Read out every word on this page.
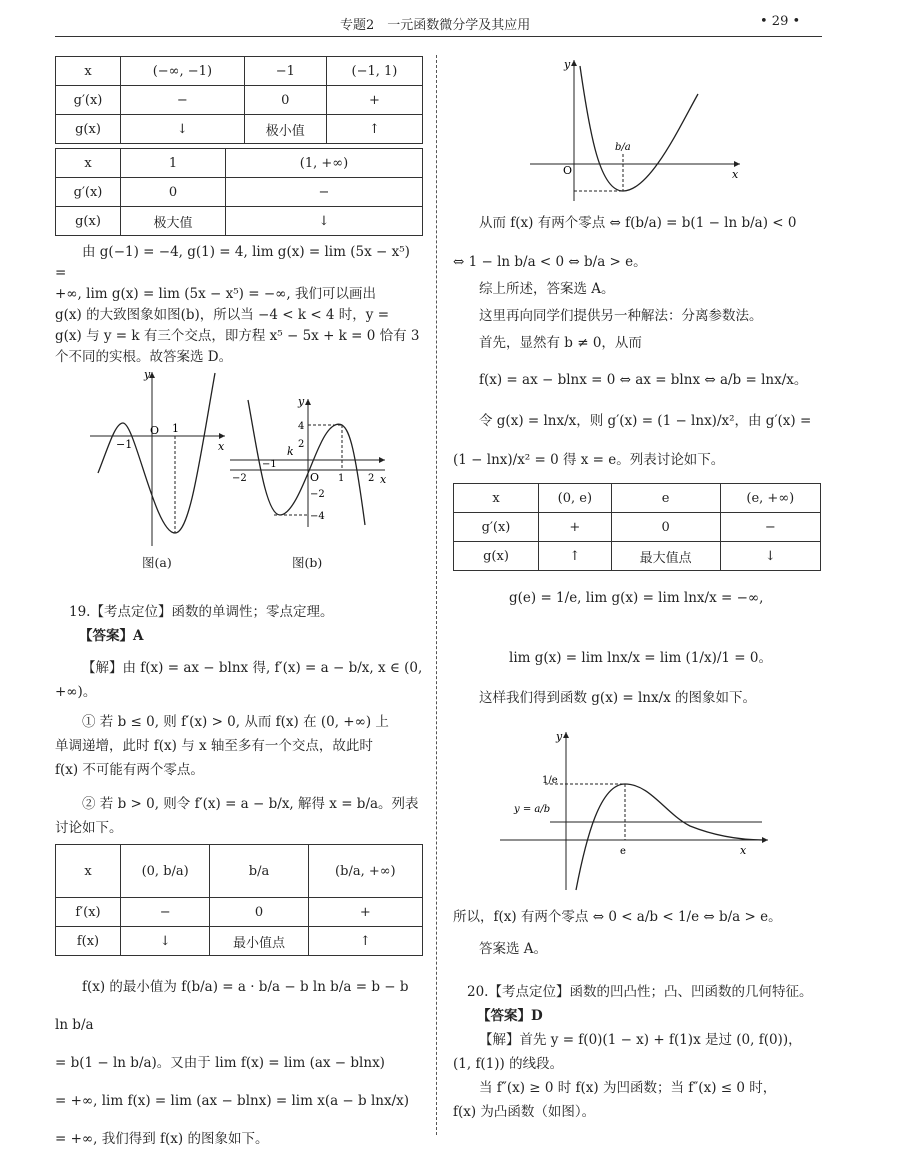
专题2　一元函数微分学及其应用	• 29 •
x	(−∞, −1)	−1	(−1, 1)
g′(x)	−	0	+
g(x)	↓	极小值	↑
x	1	(1, +∞)
g′(x)	0	−
g(x)	极大值	↓
由 g(−1) = −4, g(1) = 4, lim g(x) = lim (5x − x⁵) =
+∞, lim g(x) = lim (5x − x⁵) = −∞, 我们可以画出
g(x) 的大致图象如图(b)，所以当 −4 < k < 4 时，y =
g(x) 与 y = k 有三个交点，即方程 x⁵ − 5x + k = 0 恰有 3
个不同的实根。故答案选 D。
y
x
O 1
−1
图(a)
y
x
O
k
4
2
−2
−4
−2
−1
1 2
图(b)
19.【考点定位】函数的单调性；零点定理。
【答案】A
【解】由 f(x) = ax − blnx 得, f′(x) = a − b/x, x ∈ (0,
+∞)。
① 若 b ≤ 0, 则 f′(x) > 0, 从而 f(x) 在 (0, +∞) 上
单调递增，此时 f(x) 与 x 轴至多有一个交点，故此时
f(x) 不可能有两个零点。
② 若 b > 0, 则令 f′(x) = a − b/x, 解得 x = b/a。列表
讨论如下。
x	(0, b/a)	b/a	(b/a, +∞)
f′(x)	−	0	+
f(x)	↓	最小值点	↑
f(x) 的最小值为 f(b/a) = a · b/a − b ln b/a = b − b ln b/a
= b(1 − ln b/a)。又由于 lim f(x) = lim (ax − blnx)
= +∞, lim f(x) = lim (ax − blnx) = lim x(a − b lnx/x)
= +∞, 我们得到 f(x) 的图象如下。
y
x
O
b/a
从而 f(x) 有两个零点 ⇔ f(b/a) = b(1 − ln b/a) < 0
⇔ 1 − ln b/a < 0 ⇔ b/a > e。
综上所述，答案选 A。
这里再向同学们提供另一种解法：分离参数法。
首先，显然有 b ≠ 0，从而
f(x) = ax − blnx = 0 ⇔ ax = blnx ⇔ a/b = lnx/x。
令 g(x) = lnx/x，则 g′(x) = (1 − lnx)/x²，由 g′(x) =
(1 − lnx)/x² = 0 得 x = e。列表讨论如下。
x	(0, e)	e	(e, +∞)
g′(x)	+	0	−
g(x)	↑	最大值点	↓
g(e) = 1/e, lim g(x) = lim lnx/x = −∞,
lim g(x) = lim lnx/x = lim (1/x)/1 = 0。
这样我们得到函数 g(x) = lnx/x 的图象如下。
y
x
1/e
y = a/b
e
所以，f(x) 有两个零点 ⇔ 0 < a/b < 1/e ⇔ b/a > e。
答案选 A。
20.【考点定位】函数的凹凸性；凸、凹函数的几何特征。
【答案】D
【解】首先 y = f(0)(1 − x) + f(1)x 是过 (0, f(0))，
(1, f(1)) 的线段。
当 f″(x) ≥ 0 时 f(x) 为凹函数；当 f″(x) ≤ 0 时，
f(x) 为凸函数（如图）。
